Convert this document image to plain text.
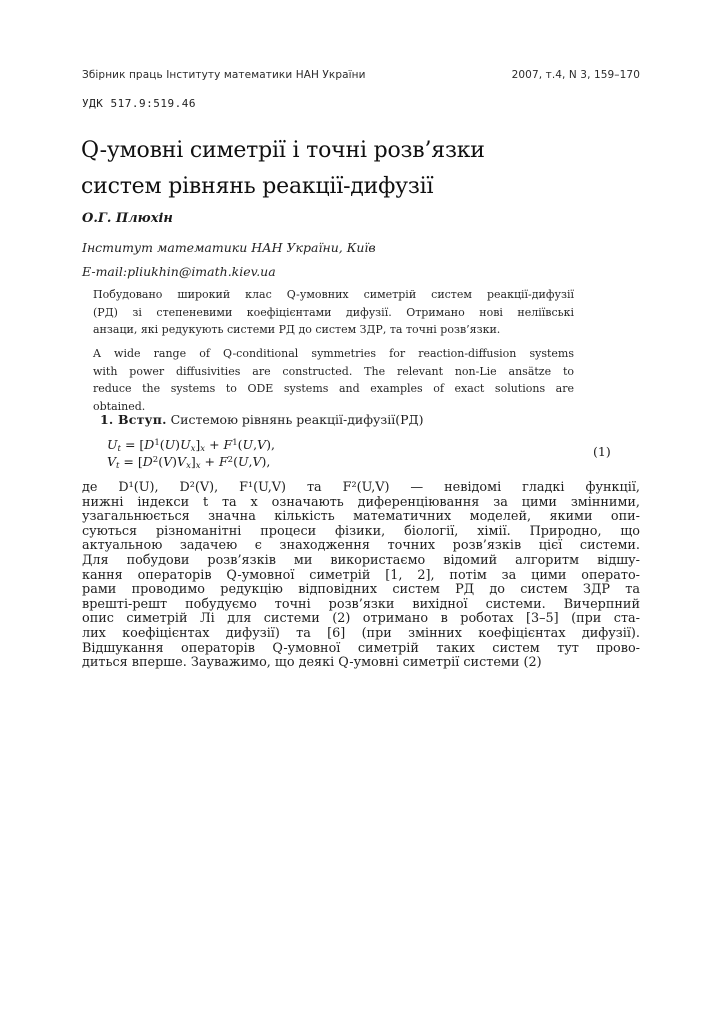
Збірник праць Інституту математики НАН України	2007, т.4, N 3, 159–170
УДК 517.9:519.46
Q-умовні симетрії і точні розв’язки
систем рівнянь реакції-дифузії
О.Г. Плюхін
Інститут математики НАН України, Київ
E-mail:pliukhin@imath.kiev.ua
Побудовано широкий клас Q-умовних симетрій систем реакції-дифузії
(РД) зі степеневими коефіцієнтами дифузії. Отримано нові неліївські
анзаци, які редукують системи РД до систем ЗДР, та точні розв’язки.
A wide range of Q-conditional symmetries for reaction-diffusion systems
with power diffusivities are constructed. The relevant non-Lie ansätze to
reduce the systems to ODE systems and examples of exact solutions are
obtained.
1. Вступ. Системою рівнянь реакції-дифузії(РД)
$U_t = [D^1(U)U_x]_x + F^1(U,V)$,
$V_t = [D^2(V)V_x]_x + F^2(U,V)$,
(1)
де D¹(U), D²(V), F¹(U,V) та F²(U,V) — невідомі гладкі функції,
нижні індекси t та x означають диференціювання за цими змінними,
узагальнюється значна кількість математичних моделей, якими опи-
суються різноманітні процеси фізики, біології, хімії. Природно, що
актуальною задачею є знаходження точних розв’язків цієї системи.
Для побудови розв’язків ми використаємо відомий алгоритм відшу-
кання операторів Q-умовної симетрій [1, 2], потім за цими операто-
рами проводимо редукцію відповідних систем РД до систем ЗДР та
врешті-решт побудуємо точні розв’язки вихідної системи. Вичерпний
опис симетрій Лі для системи (2) отримано в роботах [3–5] (при ста-
лих коефіцієнтах дифузії) та [6] (при змінних коефіцієнтах дифузії).
Відшукання операторів Q-умовної симетрій таких систем тут прово-
диться вперше. Зауважимо, що деякі Q-умовні симетрії системи (2)
